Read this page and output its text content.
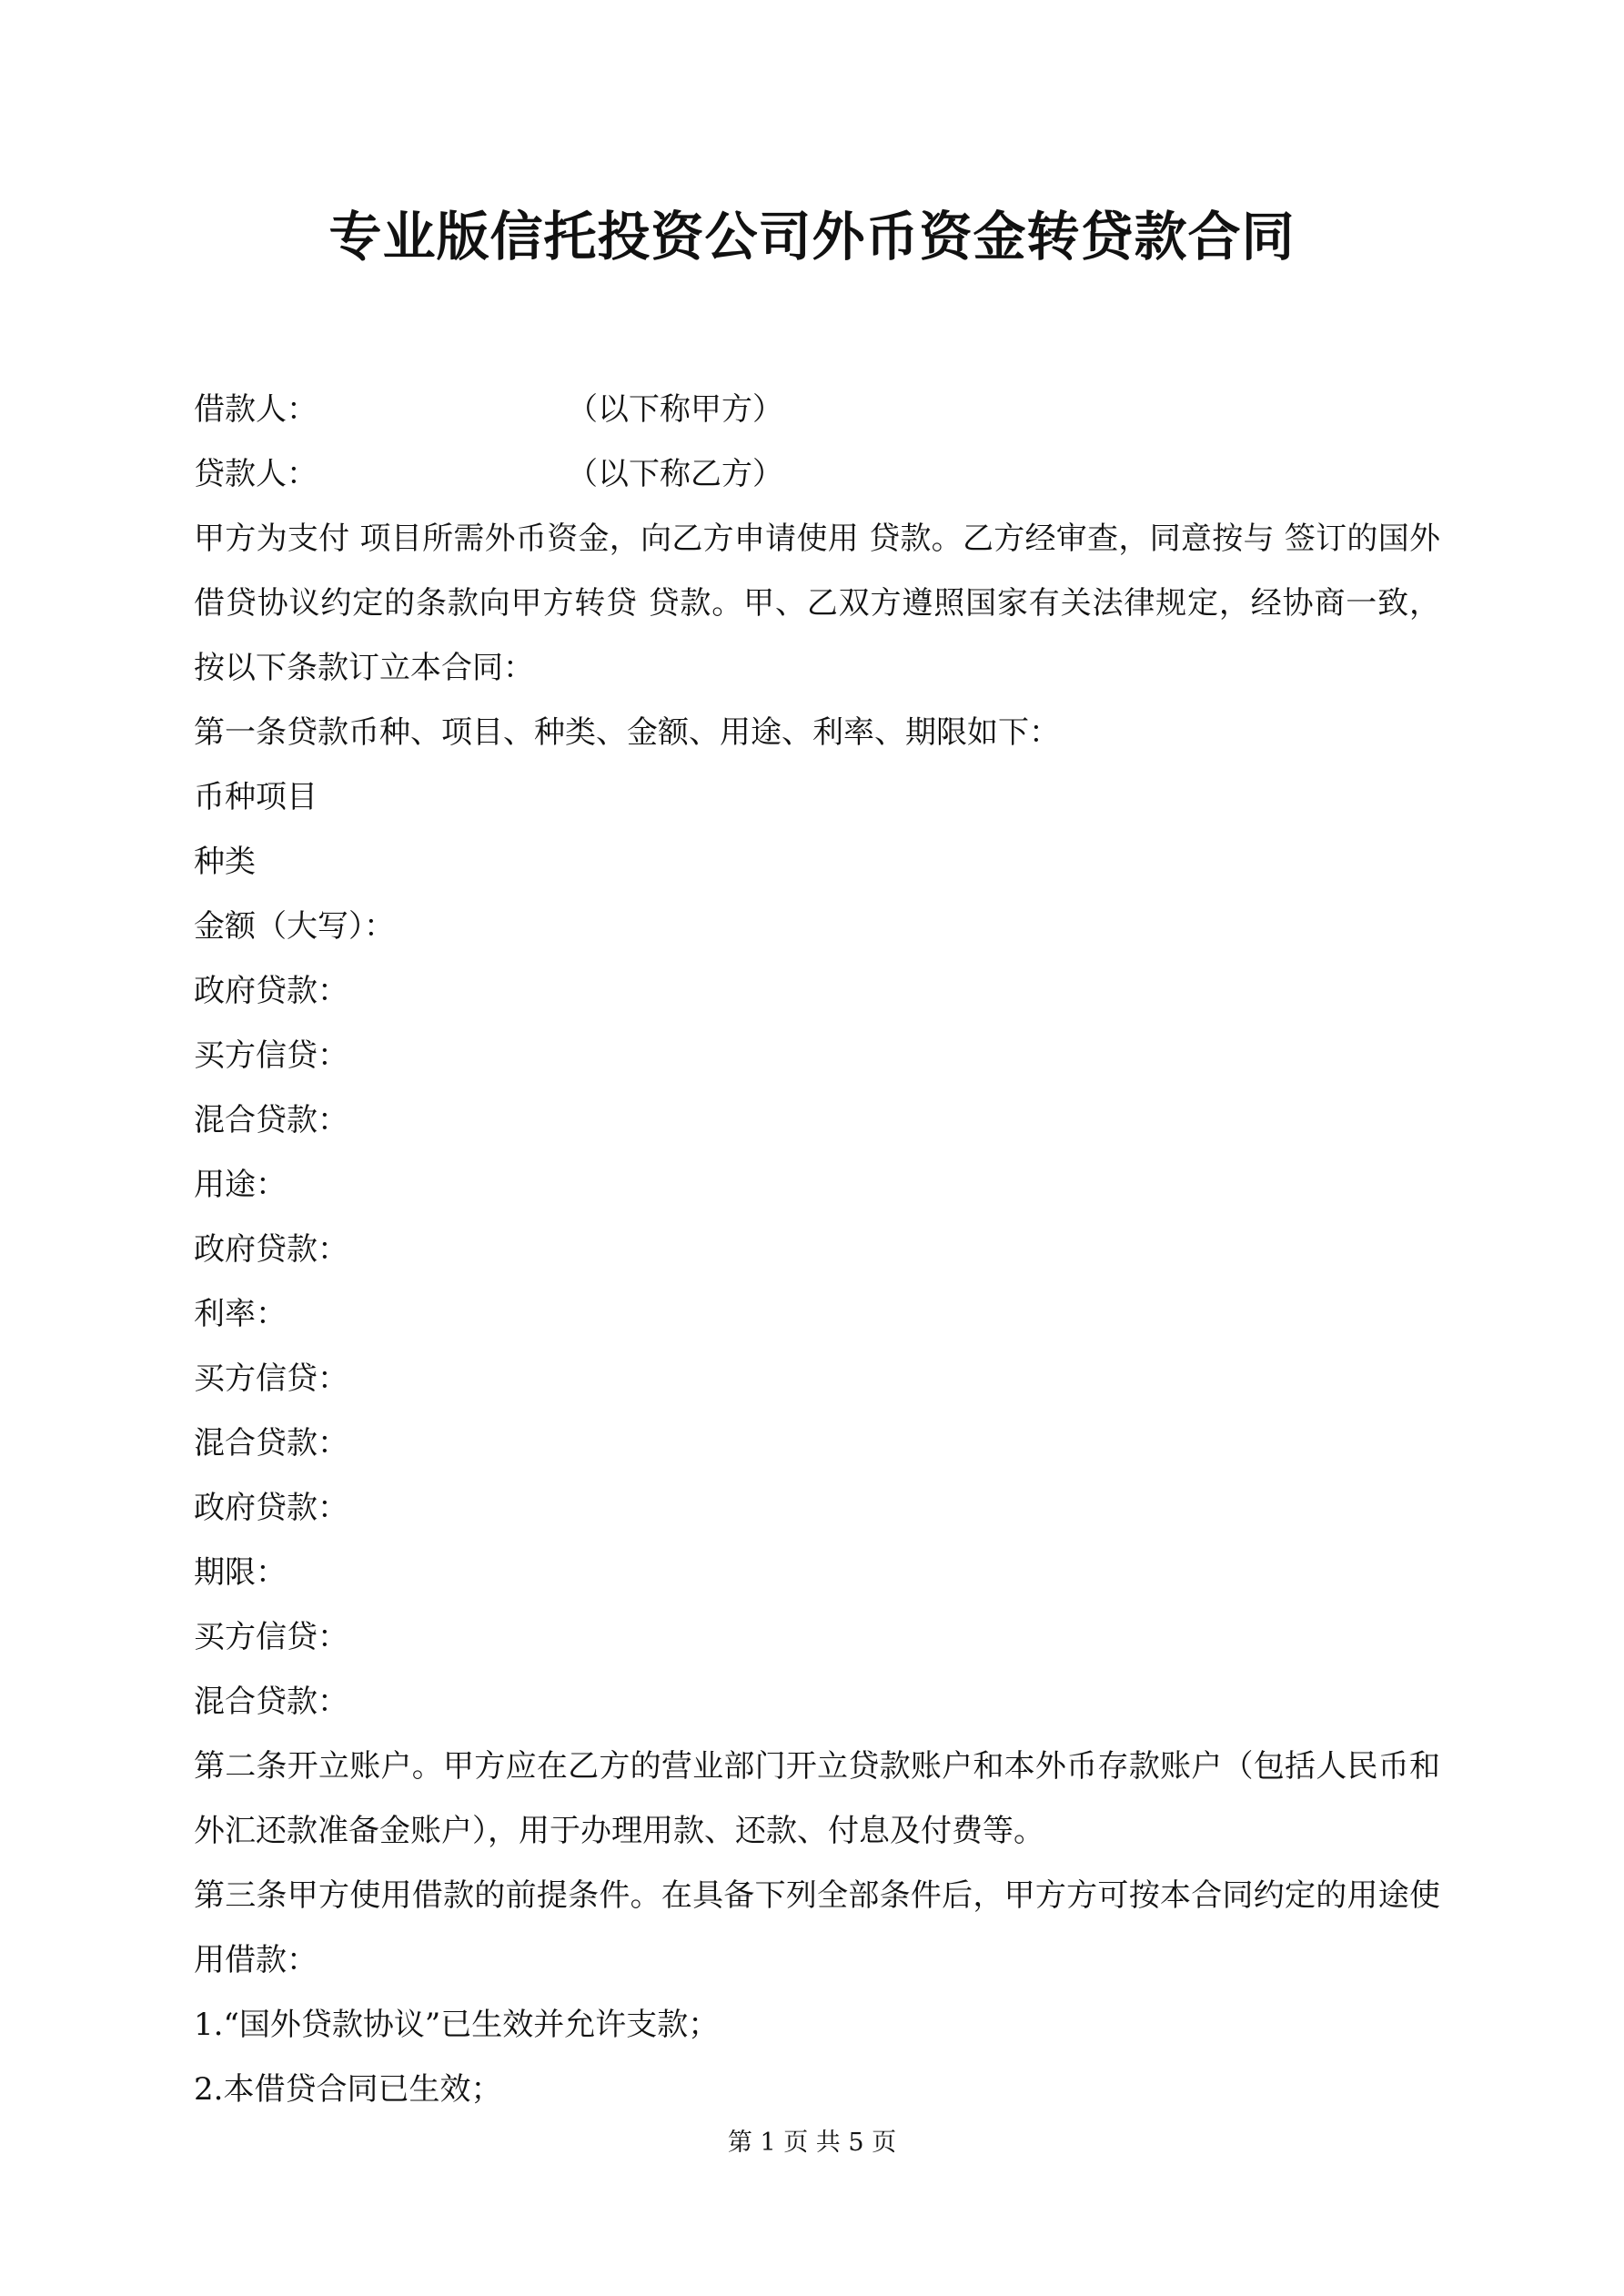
专业版信托投资公司外币资金转贷款合同
借款人：	（以下称甲方）
贷款人：	（以下称乙方）

甲方为支付 项目所需外币资金，向乙方申请使用 贷款。乙方经审查，同意按与 签订的国外借贷协议约定的条款向甲方转贷 贷款。甲、乙双方遵照国家有关法律规定，经协商一致，按以下条款订立本合同：

第一条贷款币种、项目、种类、金额、用途、利率、期限如下：

币种项目

种类

金额（大写）：

政府贷款：

买方信贷：

混合贷款：

用途：

政府贷款：

利率：

买方信贷：

混合贷款：

政府贷款：

期限：

买方信贷：

混合贷款：

第二条开立账户。甲方应在乙方的营业部门开立贷款账户和本外币存款账户（包括人民币和外汇还款准备金账户），用于办理用款、还款、付息及付费等。

第三条甲方使用借款的前提条件。在具备下列全部条件后，甲方方可按本合同约定的用途使用借款：

1.“国外贷款协议”已生效并允许支款；

2.本借贷合同已生效；

第 1 页 共 5 页
